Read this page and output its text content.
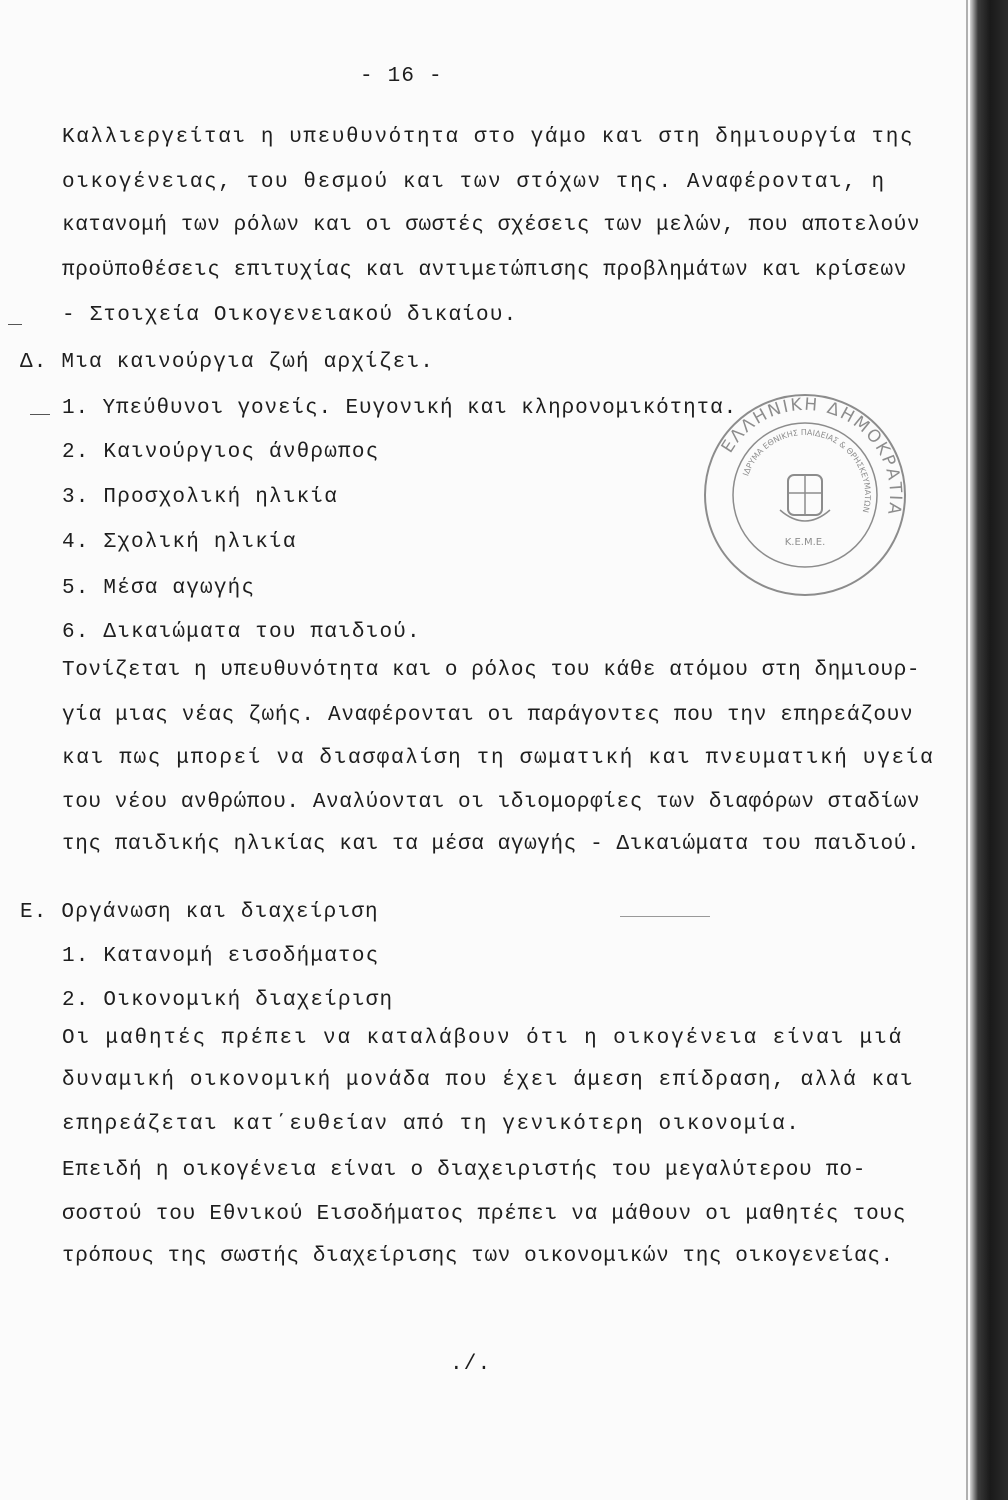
- 16 -
Καλλιεργείται η υπευθυνότητα στο γάμο και στη δημιουργία της
οικογένειας, του θεσμού και των στόχων της. Αναφέρονται, η
κατανομή των ρόλων και οι σωστές σχέσεις των μελών, που αποτελούν
προϋποθέσεις επιτυχίας και αντιμετώπισης προβλημάτων και κρίσεων
- Στοιχεία Οικογενειακού δικαίου.
Δ. Μια καινούργια ζωή αρχίζει.
1. Υπεύθυνοι γονείς. Ευγονική και κληρονομικότητα.
2. Καινούργιος άνθρωπος
3. Προσχολική ηλικία
4. Σχολική ηλικία
5. Μέσα αγωγής
6. Δικαιώματα του παιδιού.
Τονίζεται η υπευθυνότητα και ο ρόλος του κάθε ατόμου στη δημιουρ-
γία μιας νέας ζωής. Αναφέρονται οι παράγοντες που την επηρεάζουν
και πως μπορεί να διασφαλίση τη σωματική και πνευματική υγεία
του νέου ανθρώπου. Αναλύονται οι ιδιομορφίες των διαφόρων σταδίων
της παιδικής ηλικίας και τα μέσα αγωγής - Δικαιώματα του παιδιού.
Ε. Οργάνωση και διαχείριση
1. Κατανομή εισοδήματος
2. Οικονομική διαχείριση
Οι μαθητές πρέπει να καταλάβουν ότι η οικογένεια είναι μιά
δυναμική οικονομική μονάδα που έχει άμεση επίδραση, αλλά και
επηρεάζεται κατ΄ευθείαν από τη γενικότερη οικονομία.
Επειδή η οικογένεια είναι ο διαχειριστής του μεγαλύτερου πο-
σοστού του Εθνικού Εισοδήματος πρέπει να μάθουν οι μαθητές τους
τρόπους της σωστής διαχείρισης των οικονομικών της οικογενείας.
./.
ΕΛΛΗΝΙΚΗ ΔΗΜΟΚΡΑΤΙΑ
ΙΔΡΥΜΑ ΕΘΝΙΚΗΣ ΠΑΙΔΕΙΑΣ & ΘΡΗΣΚΕΥΜΑΤΩΝ
Κ.Ε.Μ.Ε.
